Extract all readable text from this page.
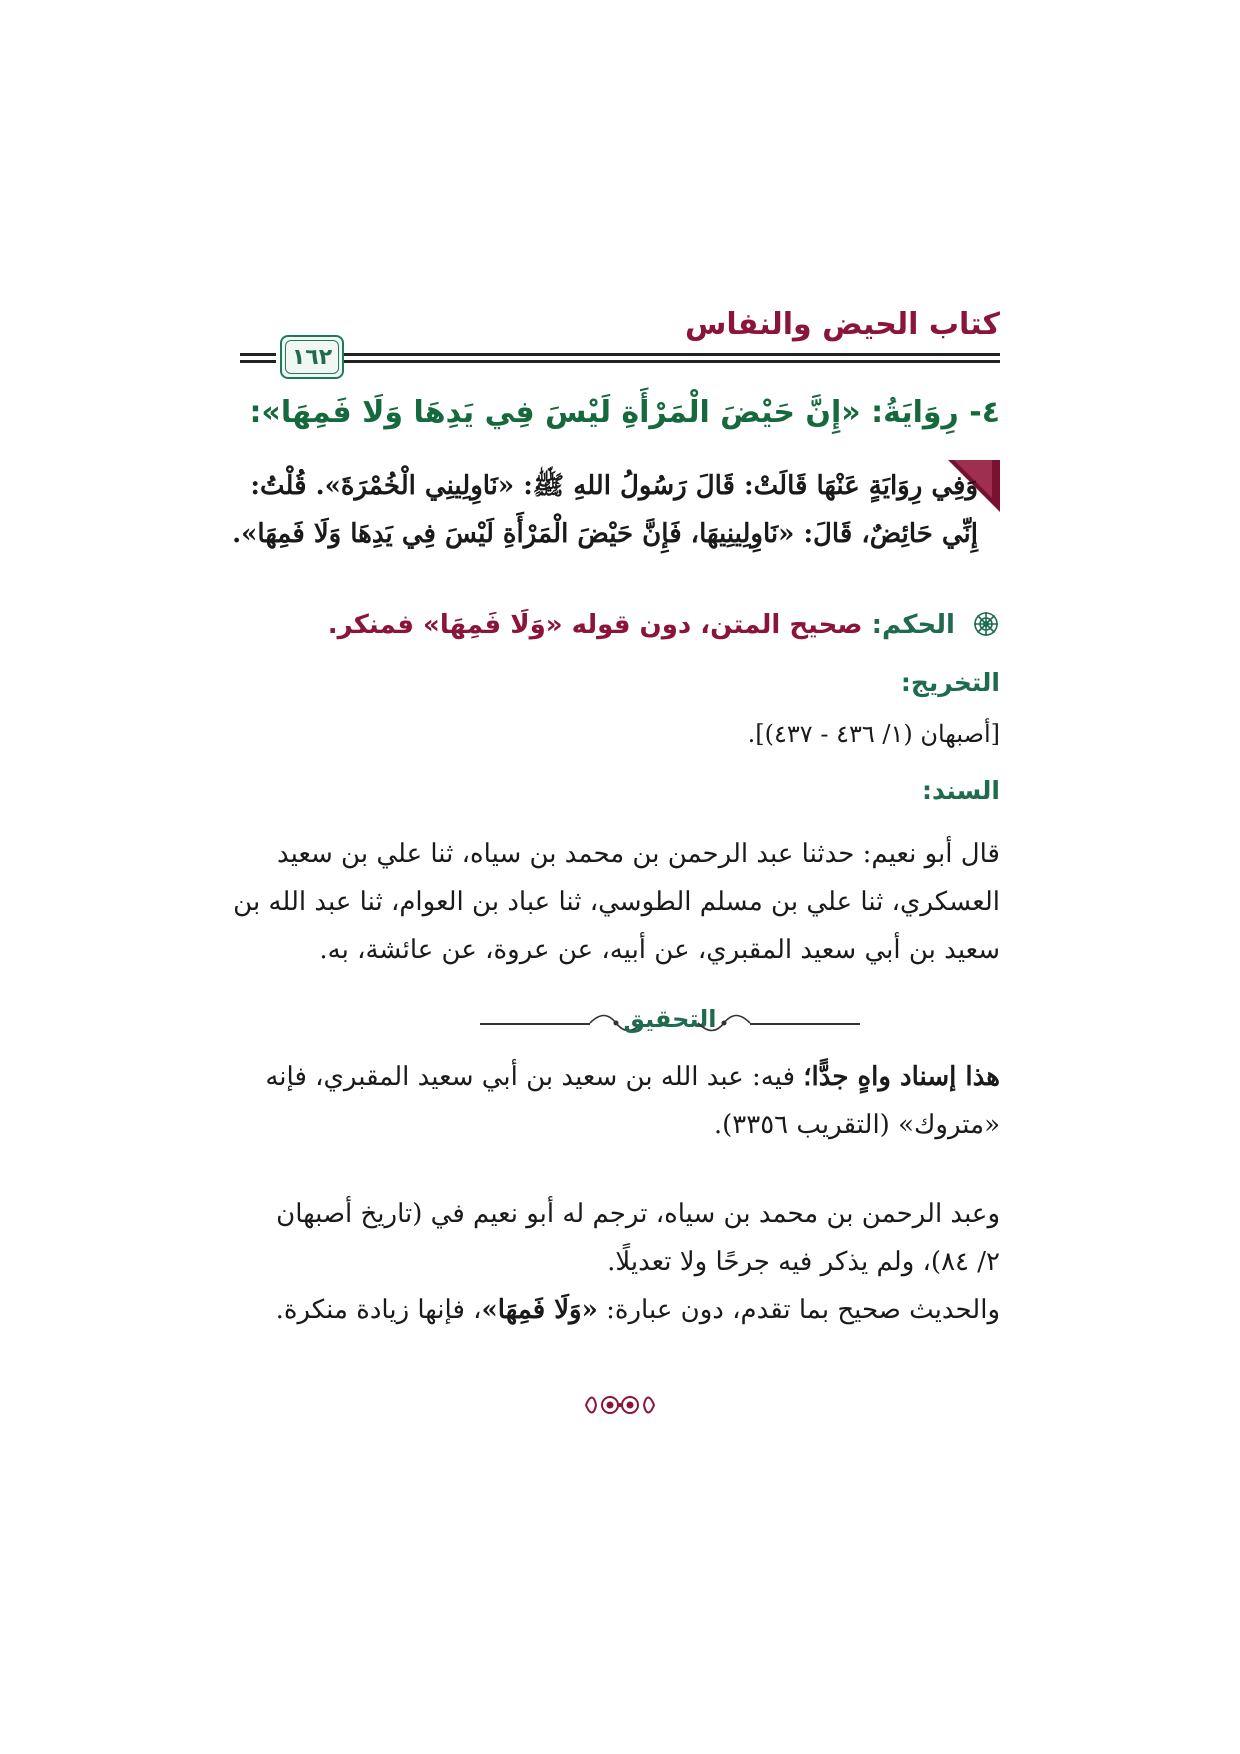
كتاب الحيض والنفاس
١٦٢
٤- رِوَايَةُ: «إِنَّ حَيْضَ الْمَرْأَةِ لَيْسَ فِي يَدِهَا وَلَا فَمِهَا»:
وَفِي رِوَايَةٍ عَنْهَا قَالَتْ: قَالَ رَسُولُ اللهِ ﷺ: «نَاوِلِينِي الْخُمْرَةَ». قُلْتُ:
إِنِّي حَائِضٌ، قَالَ: «نَاوِلِينِيهَا، فَإِنَّ حَيْضَ الْمَرْأَةِ لَيْسَ فِي يَدِهَا وَلَا فَمِهَا».
الحكم: صحيح المتن، دون قوله «وَلَا فَمِهَا» فمنكر.
التخريج:
[أصبهان (١/ ٤٣٦ - ٤٣٧)].
السند:
قال أبو نعيم: حدثنا عبد الرحمن بن محمد بن سياه، ثنا علي بن سعيد
العسكري، ثنا علي بن مسلم الطوسي، ثنا عباد بن العوام، ثنا عبد الله بن
سعيد بن أبي سعيد المقبري، عن أبيه، عن عروة، عن عائشة، به.
التحقيق
هذا إسناد واهٍ جدًّا؛ فيه: عبد الله بن سعيد بن أبي سعيد المقبري، فإنه
«متروك» (التقريب ٣٣٥٦).
وعبد الرحمن بن محمد بن سياه، ترجم له أبو نعيم في (تاريخ أصبهان
٢/ ٨٤)، ولم يذكر فيه جرحًا ولا تعديلًا.
والحديث صحيح بما تقدم، دون عبارة: «وَلَا فَمِهَا»، فإنها زيادة منكرة.
